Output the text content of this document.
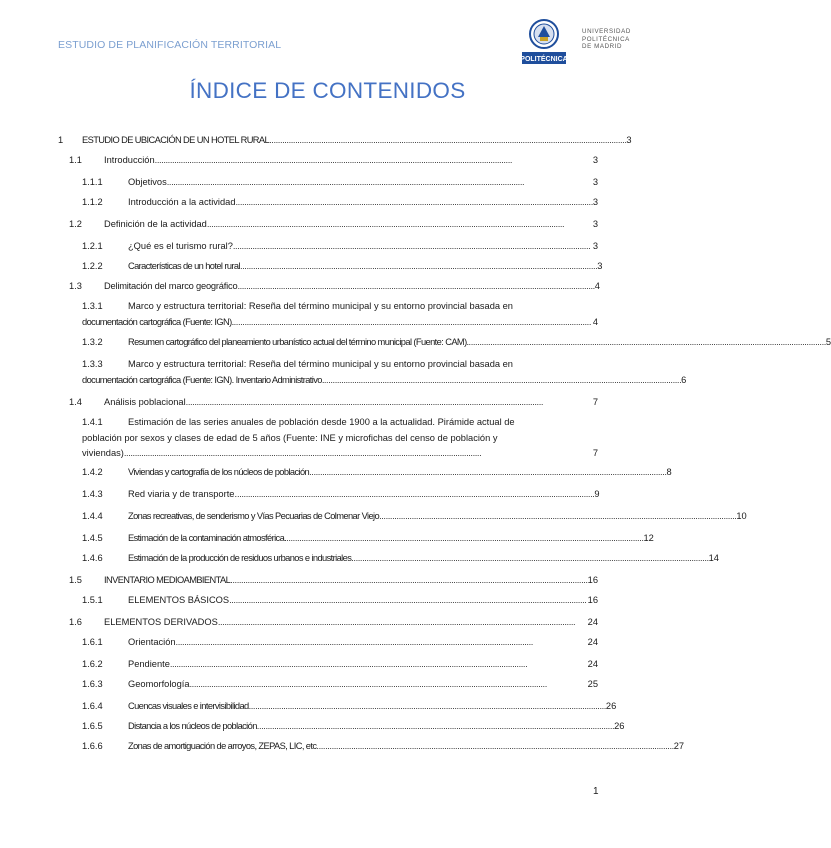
ESTUDIO DE PLANIFICACIÓN TERRITORIAL
POLITÉCNICA
UNIVERSIDAD
POLITÉCNICA
DE MADRID
ÍNDICE DE CONTENIDOS
1 ESTUDIO DE UBICACIÓN DE UN HOTEL RURAL . . .	3
1.1 Introducción . . .	3
1.1.1	Objetivos . . .	3
1.1.2	Introducción a la actividad . . .	3
1.2 Definición de la actividad . . .	3
1.2.1	¿Qué es el turismo rural? . . .	3
1.2.2	Características de un hotel rural . . .	3
1.3 Delimitación del marco geográfico . . .	4
1.3.1	Marco y estructura territorial: Reseña del término municipal y su entorno provincial basada en
documentación cartográfica (Fuente: IGN). . . .	4
1.3.2	Resumen cartográfico del planeamiento urbanístico actual del término municipal (Fuente: CAM). . . .	5
1.3.3	Marco y estructura territorial: Reseña del término municipal y su entorno provincial basada en
documentación cartográfica (Fuente: IGN). Inventario Administrativo. . . .	6
1.4 Análisis poblacional . . .	7
1.4.1	Estimación de las series anuales de población desde 1900 a la actualidad. Pirámide actual de
población por sexos y clases de edad de 5 años (Fuente: INE y microfichas del censo de población y
viviendas) . . .	7
1.4.2	Viviendas y cartografía de los núcleos de población . . .	8
1.4.3	Red viaria y de transporte. . . .	9
1.4.4	Zonas recreativas, de senderismo y Vías Pecuarias de Colmenar Viejo . . .	10
1.4.5	Estimación de la contaminación atmosférica. . . .	12
1.4.6	Estimación de la producción de residuos urbanos e industriales . . .	14
1.5 INVENTARIO MEDIOAMBIENTAL . . .	16
1.5.1	ELEMENTOS BÁSICOS . . .	16
1.6 ELEMENTOS DERIVADOS . . .	24
1.6.1	Orientación . . .	24
1.6.2	Pendiente . . .	24
1.6.3	Geomorfología . . .	25
1.6.4	Cuencas visuales e intervisibilidad . . .	26
1.6.5	Distancia a los núcleos de población . . .	26
1.6.6	Zonas de amortiguación de arroyos, ZEPAS, LIC, etc . . .	27
1
